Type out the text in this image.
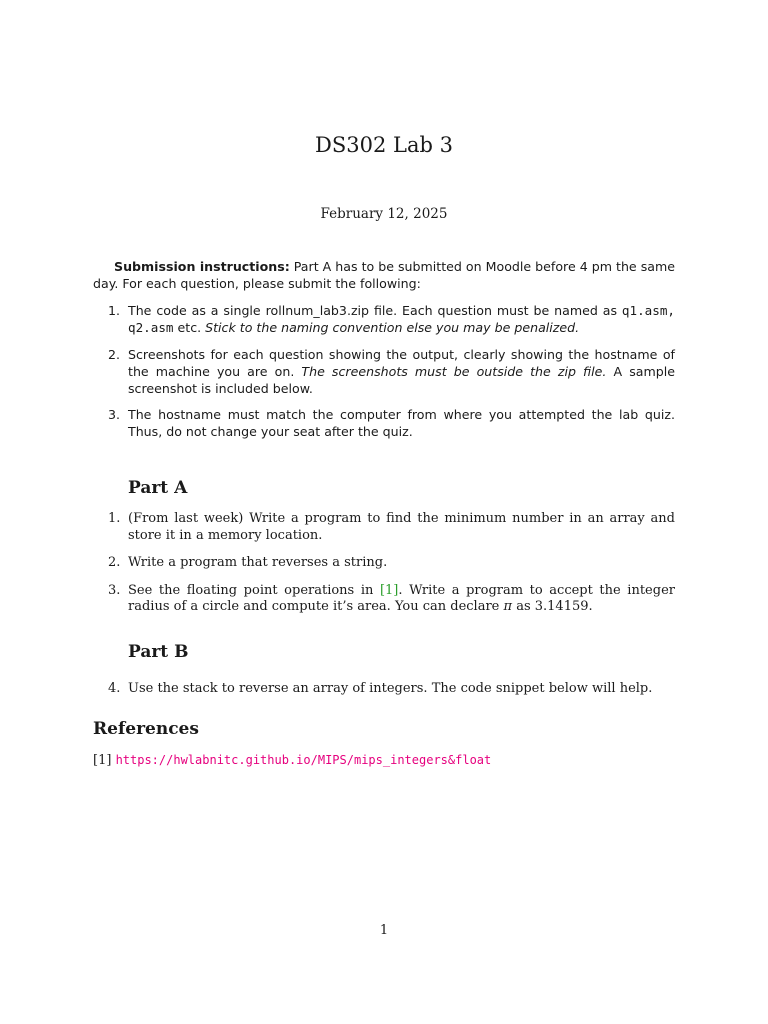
DS302 Lab 3
February 12, 2025
Submission instructions: Part A has to be submitted on Moodle before 4 pm the same day. For each question, please submit the following:
1. The code as a single rollnum_lab3.zip file. Each question must be named as q1.asm, q2.asm etc. Stick to the naming convention else you may be penalized.
2. Screenshots for each question showing the output, clearly showing the hostname of the machine you are on. The screenshots must be outside the zip file. A sample screenshot is included below.
3. The hostname must match the computer from where you attempted the lab quiz. Thus, do not change your seat after the quiz.
Part A
1. (From last week) Write a program to find the minimum number in an array and store it in a memory location.
2. Write a program that reverses a string.
3. See the floating point operations in [1]. Write a program to accept the integer radius of a circle and compute it’s area. You can declare π as 3.14159.
Part B
4. Use the stack to reverse an array of integers. The code snippet below will help.
References
[1] https://hwlabnitc.github.io/MIPS/mips_integers&float
1
